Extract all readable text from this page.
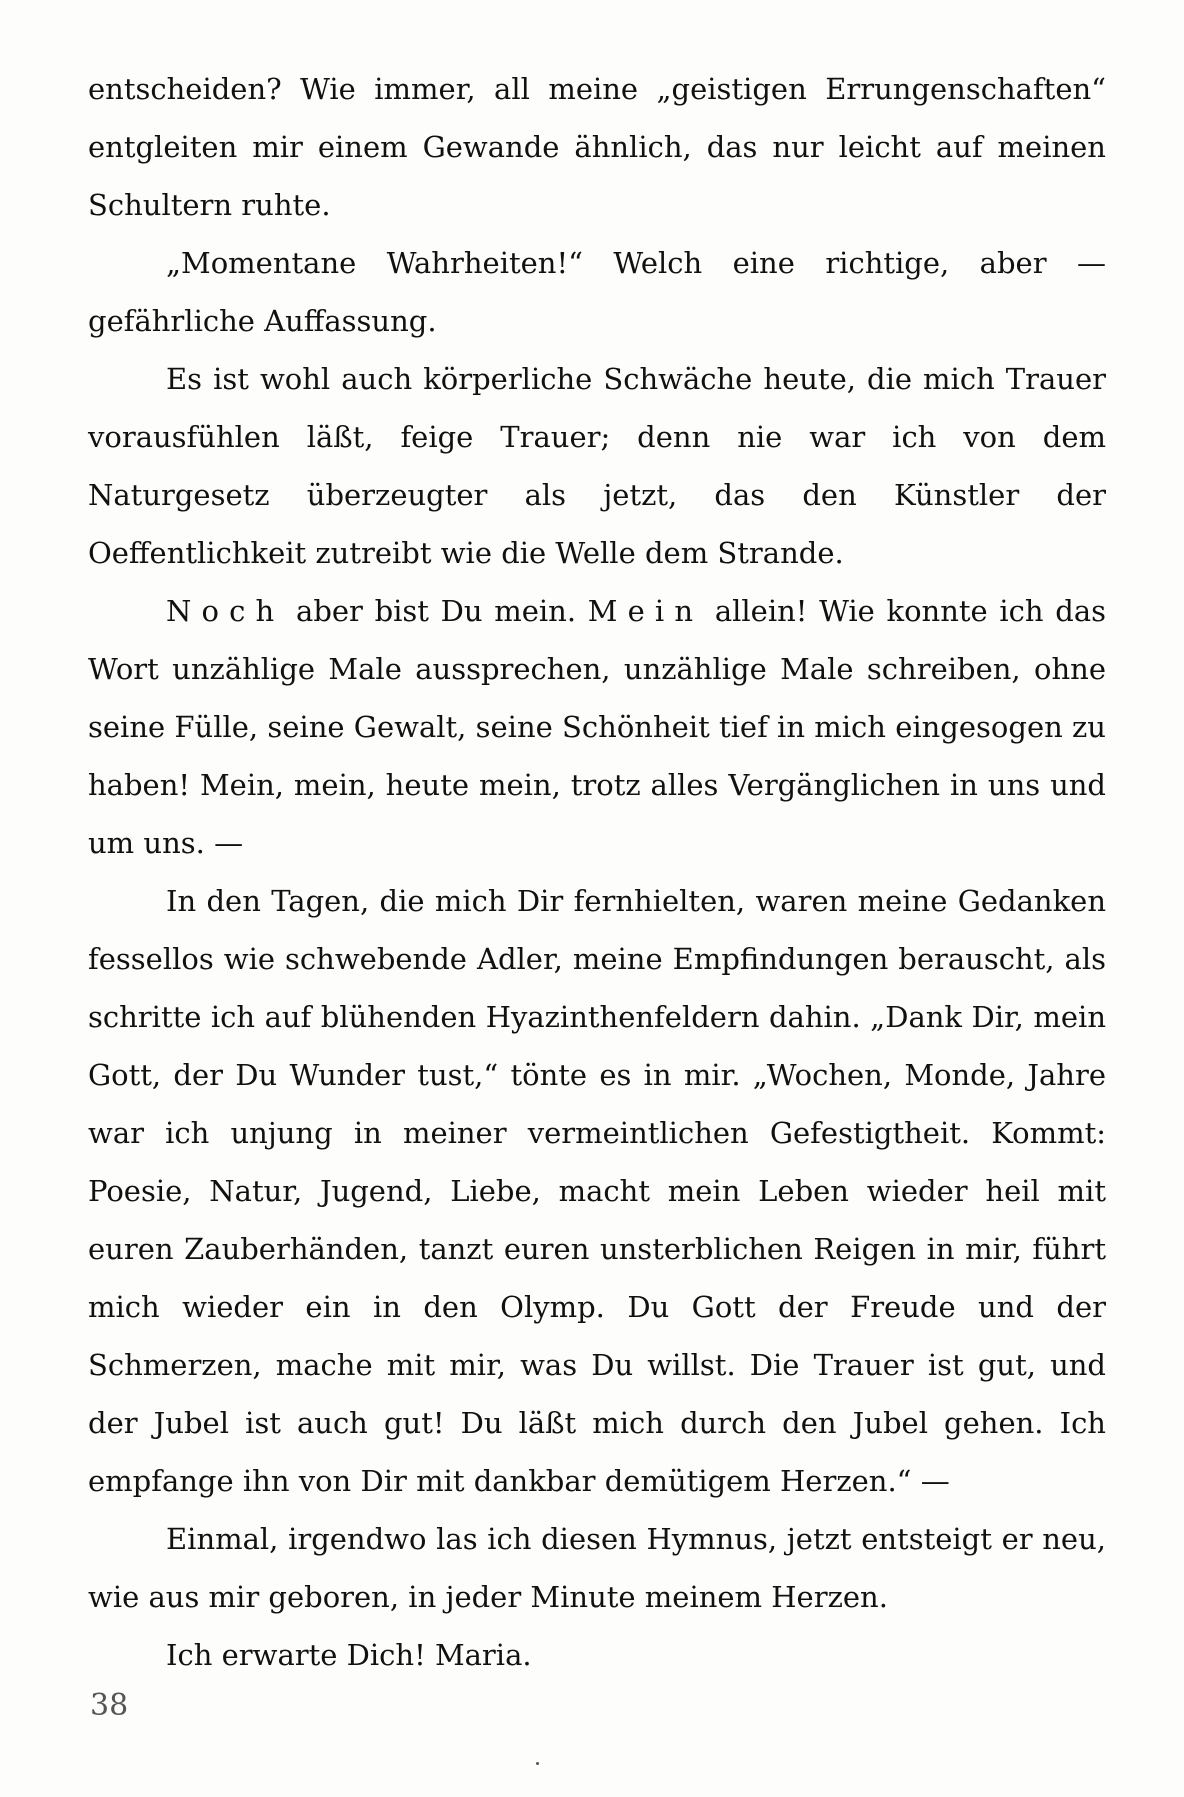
entscheiden? Wie immer, all meine „geistigen Errungenschaften“ entgleiten mir einem Gewande ähnlich, das nur leicht auf meinen Schultern ruhte.

„Momentane Wahrheiten!“ Welch eine richtige, aber — gefährliche Auffassung.

Es ist wohl auch körperliche Schwäche heute, die mich Trauer vorausfühlen läßt, feige Trauer; denn nie war ich von dem Naturgesetz überzeugter als jetzt, das den Künstler der Oeffentlichkeit zutreibt wie die Welle dem Strande.

Noch aber bist Du mein. Mein allein! Wie konnte ich das Wort unzählige Male aussprechen, unzählige Male schreiben, ohne seine Fülle, seine Gewalt, seine Schönheit tief in mich eingesogen zu haben! Mein, mein, heute mein, trotz alles Vergänglichen in uns und um uns. —

In den Tagen, die mich Dir fernhielten, waren meine Gedanken fessellos wie schwebende Adler, meine Empfindungen berauscht, als schritte ich auf blühenden Hyazinthenfeldern dahin. „Dank Dir, mein Gott, der Du Wunder tust,“ tönte es in mir. „Wochen, Monde, Jahre war ich unjung in meiner vermeintlichen Gefestigtheit. Kommt: Poesie, Natur, Jugend, Liebe, macht mein Leben wieder heil mit euren Zauberhänden, tanzt euren unsterblichen Reigen in mir, führt mich wieder ein in den Olymp. Du Gott der Freude und der Schmerzen, mache mit mir, was Du willst. Die Trauer ist gut, und der Jubel ist auch gut! Du läßt mich durch den Jubel gehen. Ich empfange ihn von Dir mit dankbar demütigem Herzen.“ —

Einmal, irgendwo las ich diesen Hymnus, jetzt entsteigt er neu, wie aus mir geboren, in jeder Minute meinem Herzen.

Ich erwarte Dich! Maria.

38
